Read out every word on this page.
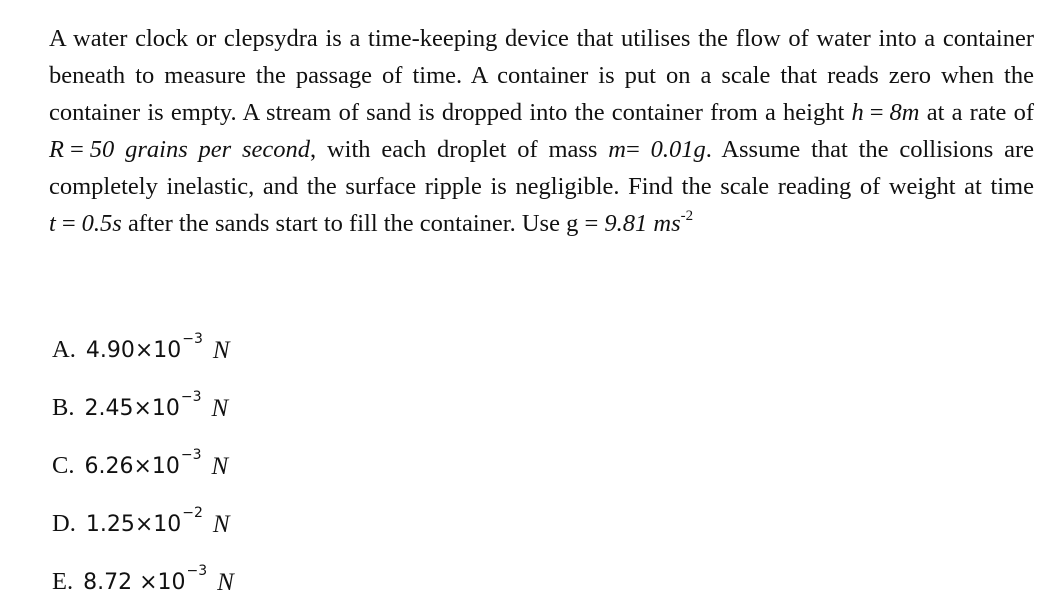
A water clock or clepsydra is a time-keeping device that utilises the flow of water into a container beneath to measure the passage of time. A container is put on a scale that reads zero when the container is empty. A stream of sand is dropped into the container from a height h = 8m at a rate of R = 50 grains per second, with each droplet of mass m= 0.01g. Assume that the collisions are completely inelastic, and the surface ripple is negligible. Find the scale reading of weight at time t = 0.5s after the sands start to fill the container. Use g = 9.81 $ms^{-2}$

A. 4.90×10 −3 N
B. 2.45×10 −3 N
C. 6.26×10 −3 N
D. 1.25×10 −2 N
E. 8.72 ×10 −3 N
